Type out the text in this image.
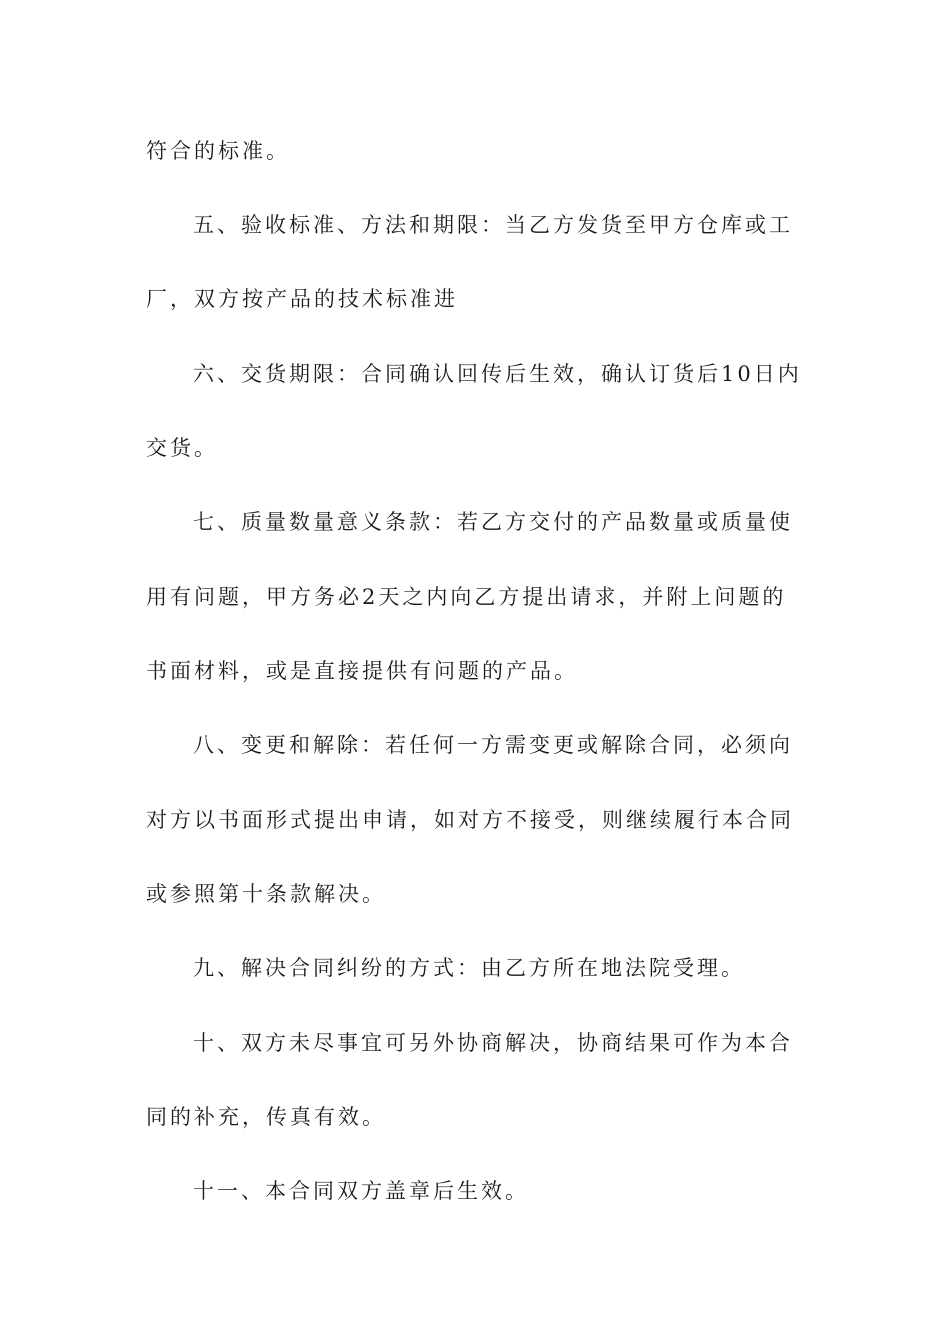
符合的标准。
五、验收标准、方法和期限：当乙方发货至甲方仓库或工
厂，双方按产品的技术标准进
六、交货期限：合同确认回传后生效，确认订货后10日内
交货。
七、质量数量意义条款：若乙方交付的产品数量或质量使
用有问题，甲方务必2天之内向乙方提出请求，并附上问题的
书面材料，或是直接提供有问题的产品。
八、变更和解除：若任何一方需变更或解除合同，必须向
对方以书面形式提出申请，如对方不接受，则继续履行本合同
或参照第十条款解决。
九、解决合同纠纷的方式：由乙方所在地法院受理。
十、双方未尽事宜可另外协商解决，协商结果可作为本合
同的补充，传真有效。
十一、本合同双方盖章后生效。
